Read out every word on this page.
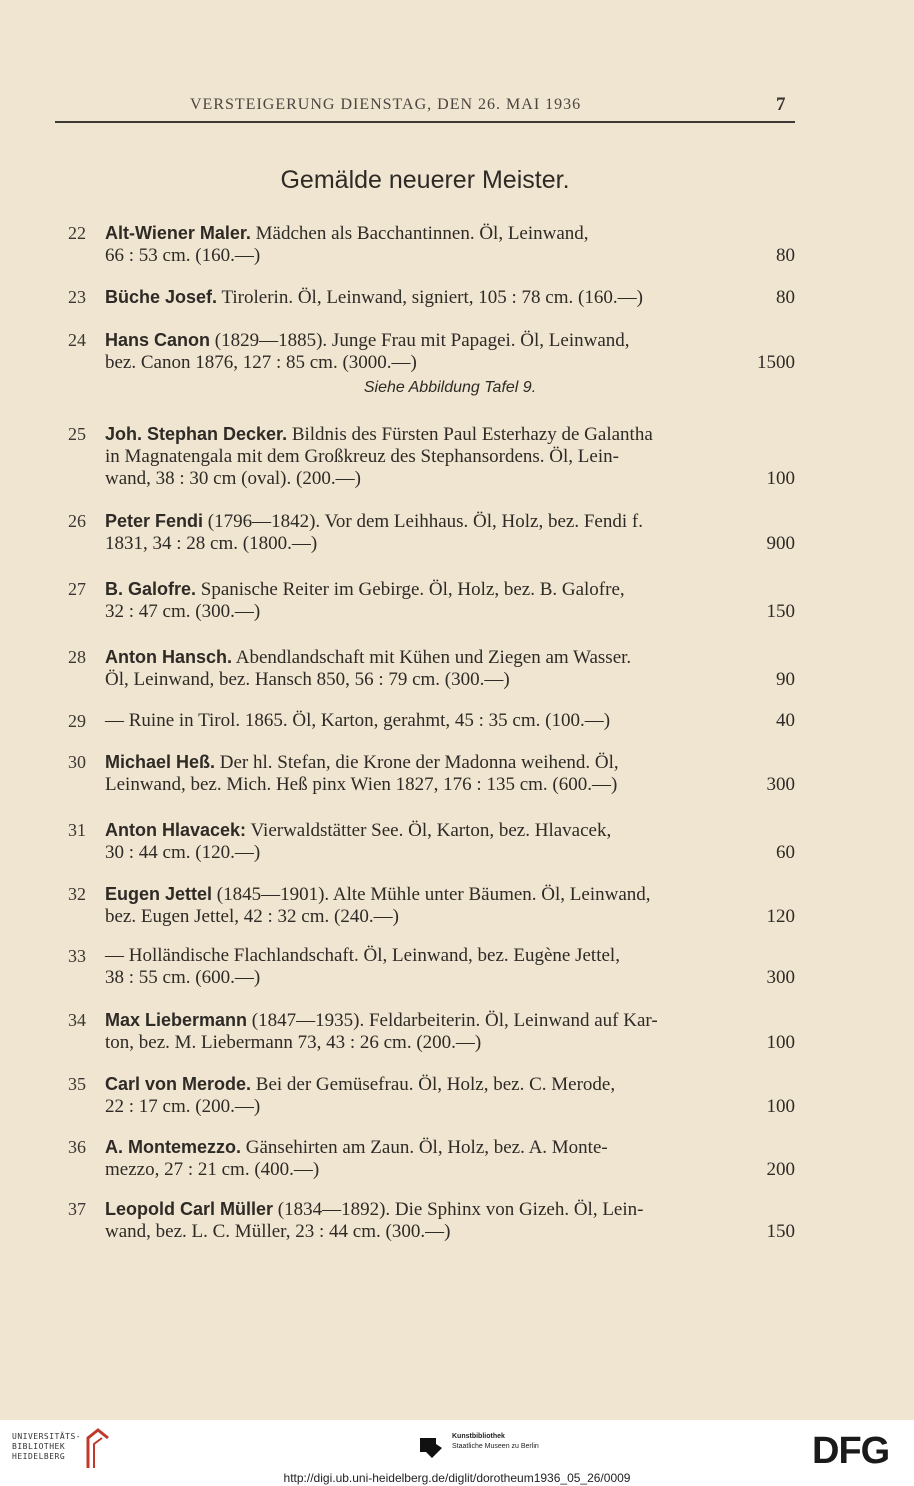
VERSTEIGERUNG DIENSTAG, DEN 26. MAI 1936	7
Gemälde neuerer Meister.
22 Alt-Wiener Maler. Mädchen als Bacchantinnen. Öl, Leinwand,
66 : 53 cm. (160.—)	80
23 Büche Josef. Tirolerin. Öl, Leinwand, signiert, 105 : 78 cm. (160.—)	80
24 Hans Canon (1829—1885). Junge Frau mit Papagei. Öl, Leinwand,
bez. Canon 1876, 127 : 85 cm. (3000.—)	1500
Siehe Abbildung Tafel 9.
25 Joh. Stephan Decker. Bildnis des Fürsten Paul Esterhazy de Galantha
in Magnatengala mit dem Großkreuz des Stephansordens. Öl, Lein-
wand, 38 : 30 cm (oval). (200.—)	100
26 Peter Fendi (1796—1842). Vor dem Leihhaus. Öl, Holz, bez. Fendi f.
1831, 34 : 28 cm. (1800.—)	900
27 B. Galofre. Spanische Reiter im Gebirge. Öl, Holz, bez. B. Galofre,
32 : 47 cm. (300.—)	150
28 Anton Hansch. Abendlandschaft mit Kühen und Ziegen am Wasser.
Öl, Leinwand, bez. Hansch 850, 56 : 79 cm. (300.—)	90
29 — Ruine in Tirol. 1865. Öl, Karton, gerahmt, 45 : 35 cm. (100.—)	40
30 Michael Heß. Der hl. Stefan, die Krone der Madonna weihend. Öl,
Leinwand, bez. Mich. Heß pinx Wien 1827, 176 : 135 cm. (600.—)	300
31 Anton Hlavacek: Vierwaldstätter See. Öl, Karton, bez. Hlavacek,
30 : 44 cm. (120.—)	60
32 Eugen Jettel (1845—1901). Alte Mühle unter Bäumen. Öl, Leinwand,
bez. Eugen Jettel, 42 : 32 cm. (240.—)	120
33 — Holländische Flachlandschaft. Öl, Leinwand, bez. Eugène Jettel,
38 : 55 cm. (600.—)	300
34 Max Liebermann (1847—1935). Feldarbeiterin. Öl, Leinwand auf Kar-
ton, bez. M. Liebermann 73, 43 : 26 cm. (200.—)	100
35 Carl von Merode. Bei der Gemüsefrau. Öl, Holz, bez. C. Merode,
22 : 17 cm. (200.—)	100
36 A. Montemezzo. Gänsehirten am Zaun. Öl, Holz, bez. A. Monte-
mezzo, 27 : 21 cm. (400.—)	200
37 Leopold Carl Müller (1834—1892). Die Sphinx von Gizeh. Öl, Lein-
wand, bez. L. C. Müller, 23 : 44 cm. (300.—)	150
UNIVERSITÄTS-
BIBLIOTHEK
HEIDELBERG
Kunstbibliothek
Staatliche Museen zu Berlin	DFG
http://digi.ub.uni-heidelberg.de/diglit/dorotheum1936_05_26/0009
